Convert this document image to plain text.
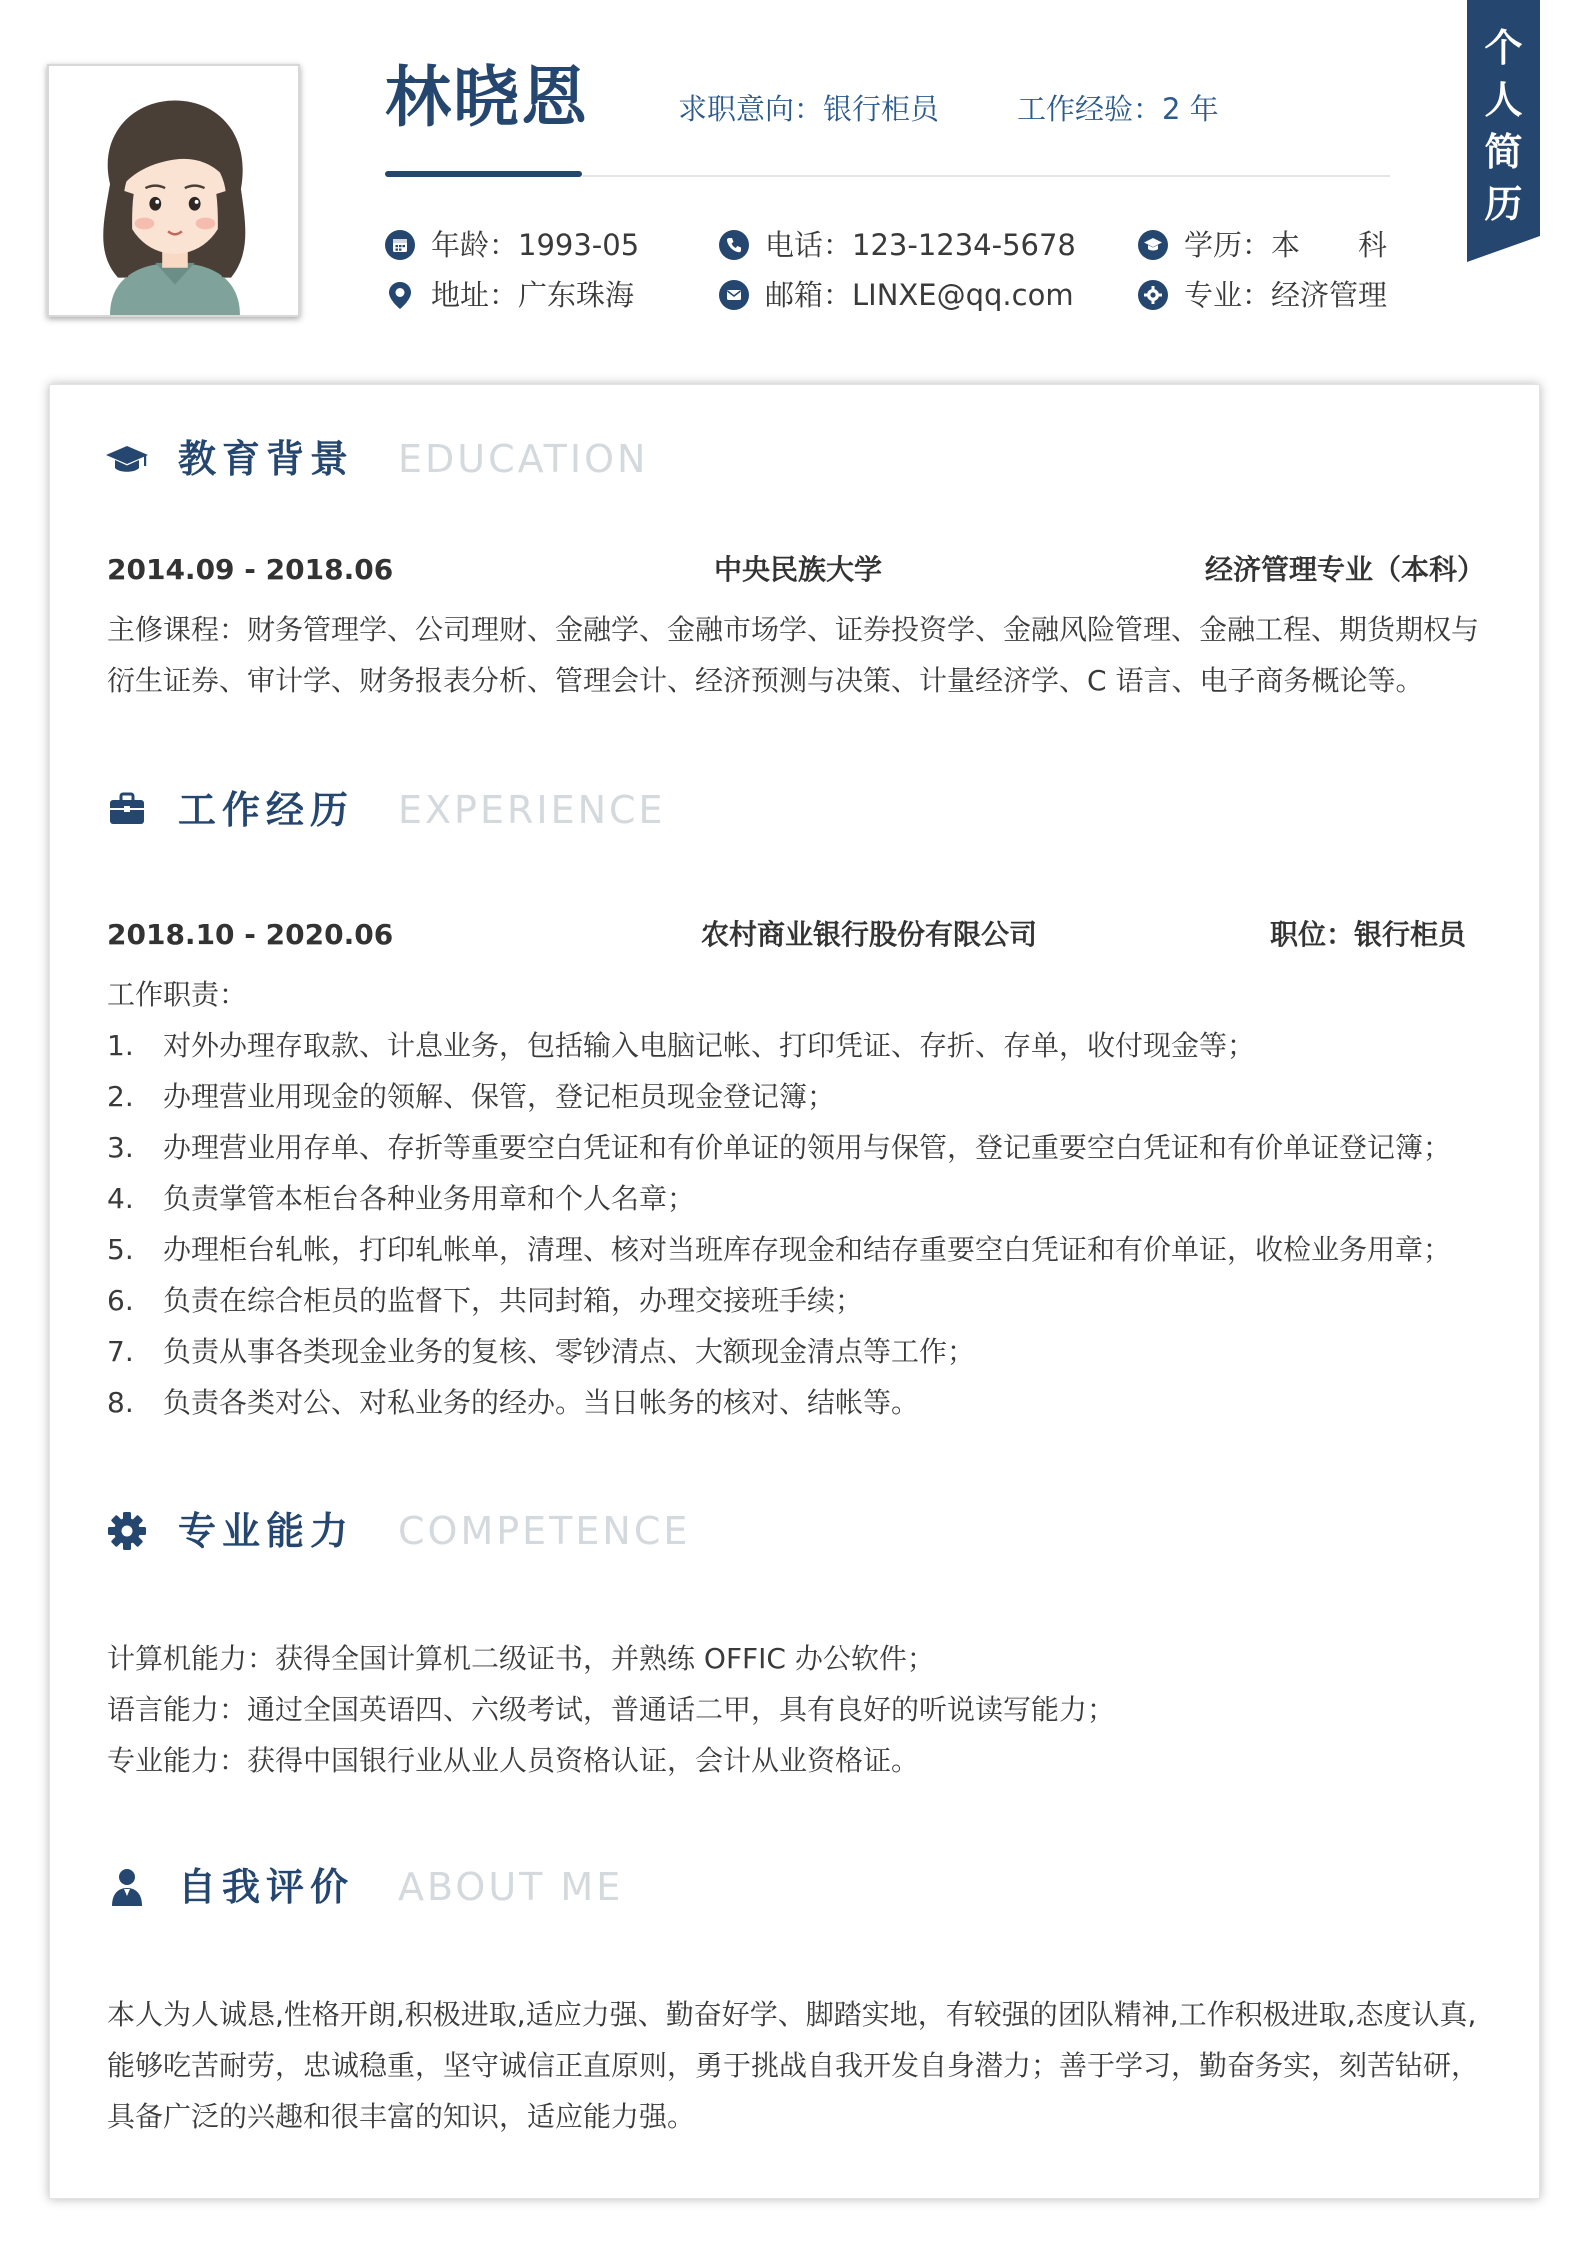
林晓恩	求职意向：银行柜员	工作经验：2 年
年龄：1993-05	电话：123-1234-5678	学历：本　　科
地址：广东珠海	邮箱：LINXE@qq.com	专业：经济管理
个
人
简
历
教育背景 EDUCATION
2014.09 - 2018.06	中央民族大学	经济管理专业（本科）
主修课程：财务管理学、公司理财、金融学、金融市场学、证券投资学、金融风险管理、金融工程、期货期权与
衍生证券、审计学、财务报表分析、管理会计、经济预测与决策、计量经济学、C 语言、电子商务概论等。
工作经历 EXPERIENCE
2018.10 - 2020.06	农村商业银行股份有限公司	职位：银行柜员
工作职责：
1. 对外办理存取款、计息业务，包括输入电脑记帐、打印凭证、存折、存单，收付现金等；
2. 办理营业用现金的领解、保管，登记柜员现金登记簿；
3. 办理营业用存单、存折等重要空白凭证和有价单证的领用与保管，登记重要空白凭证和有价单证登记簿；
4. 负责掌管本柜台各种业务用章和个人名章；
5. 办理柜台轧帐，打印轧帐单，清理、核对当班库存现金和结存重要空白凭证和有价单证，收检业务用章；
6. 负责在综合柜员的监督下，共同封箱，办理交接班手续；
7. 负责从事各类现金业务的复核、零钞清点、大额现金清点等工作；
8. 负责各类对公、对私业务的经办。当日帐务的核对、结帐等。
专业能力 COMPETENCE
计算机能力：获得全国计算机二级证书，并熟练 OFFIC 办公软件；
语言能力：通过全国英语四、六级考试，普通话二甲，具有良好的听说读写能力；
专业能力：获得中国银行业从业人员资格认证，会计从业资格证。
自我评价 ABOUT ME
本人为人诚恳,性格开朗,积极进取,适应力强、勤奋好学、脚踏实地，有较强的团队精神,工作积极进取,态度认真,
能够吃苦耐劳，忠诚稳重，坚守诚信正直原则，勇于挑战自我开发自身潜力；善于学习，勤奋务实，刻苦钻研，
具备广泛的兴趣和很丰富的知识，适应能力强。
